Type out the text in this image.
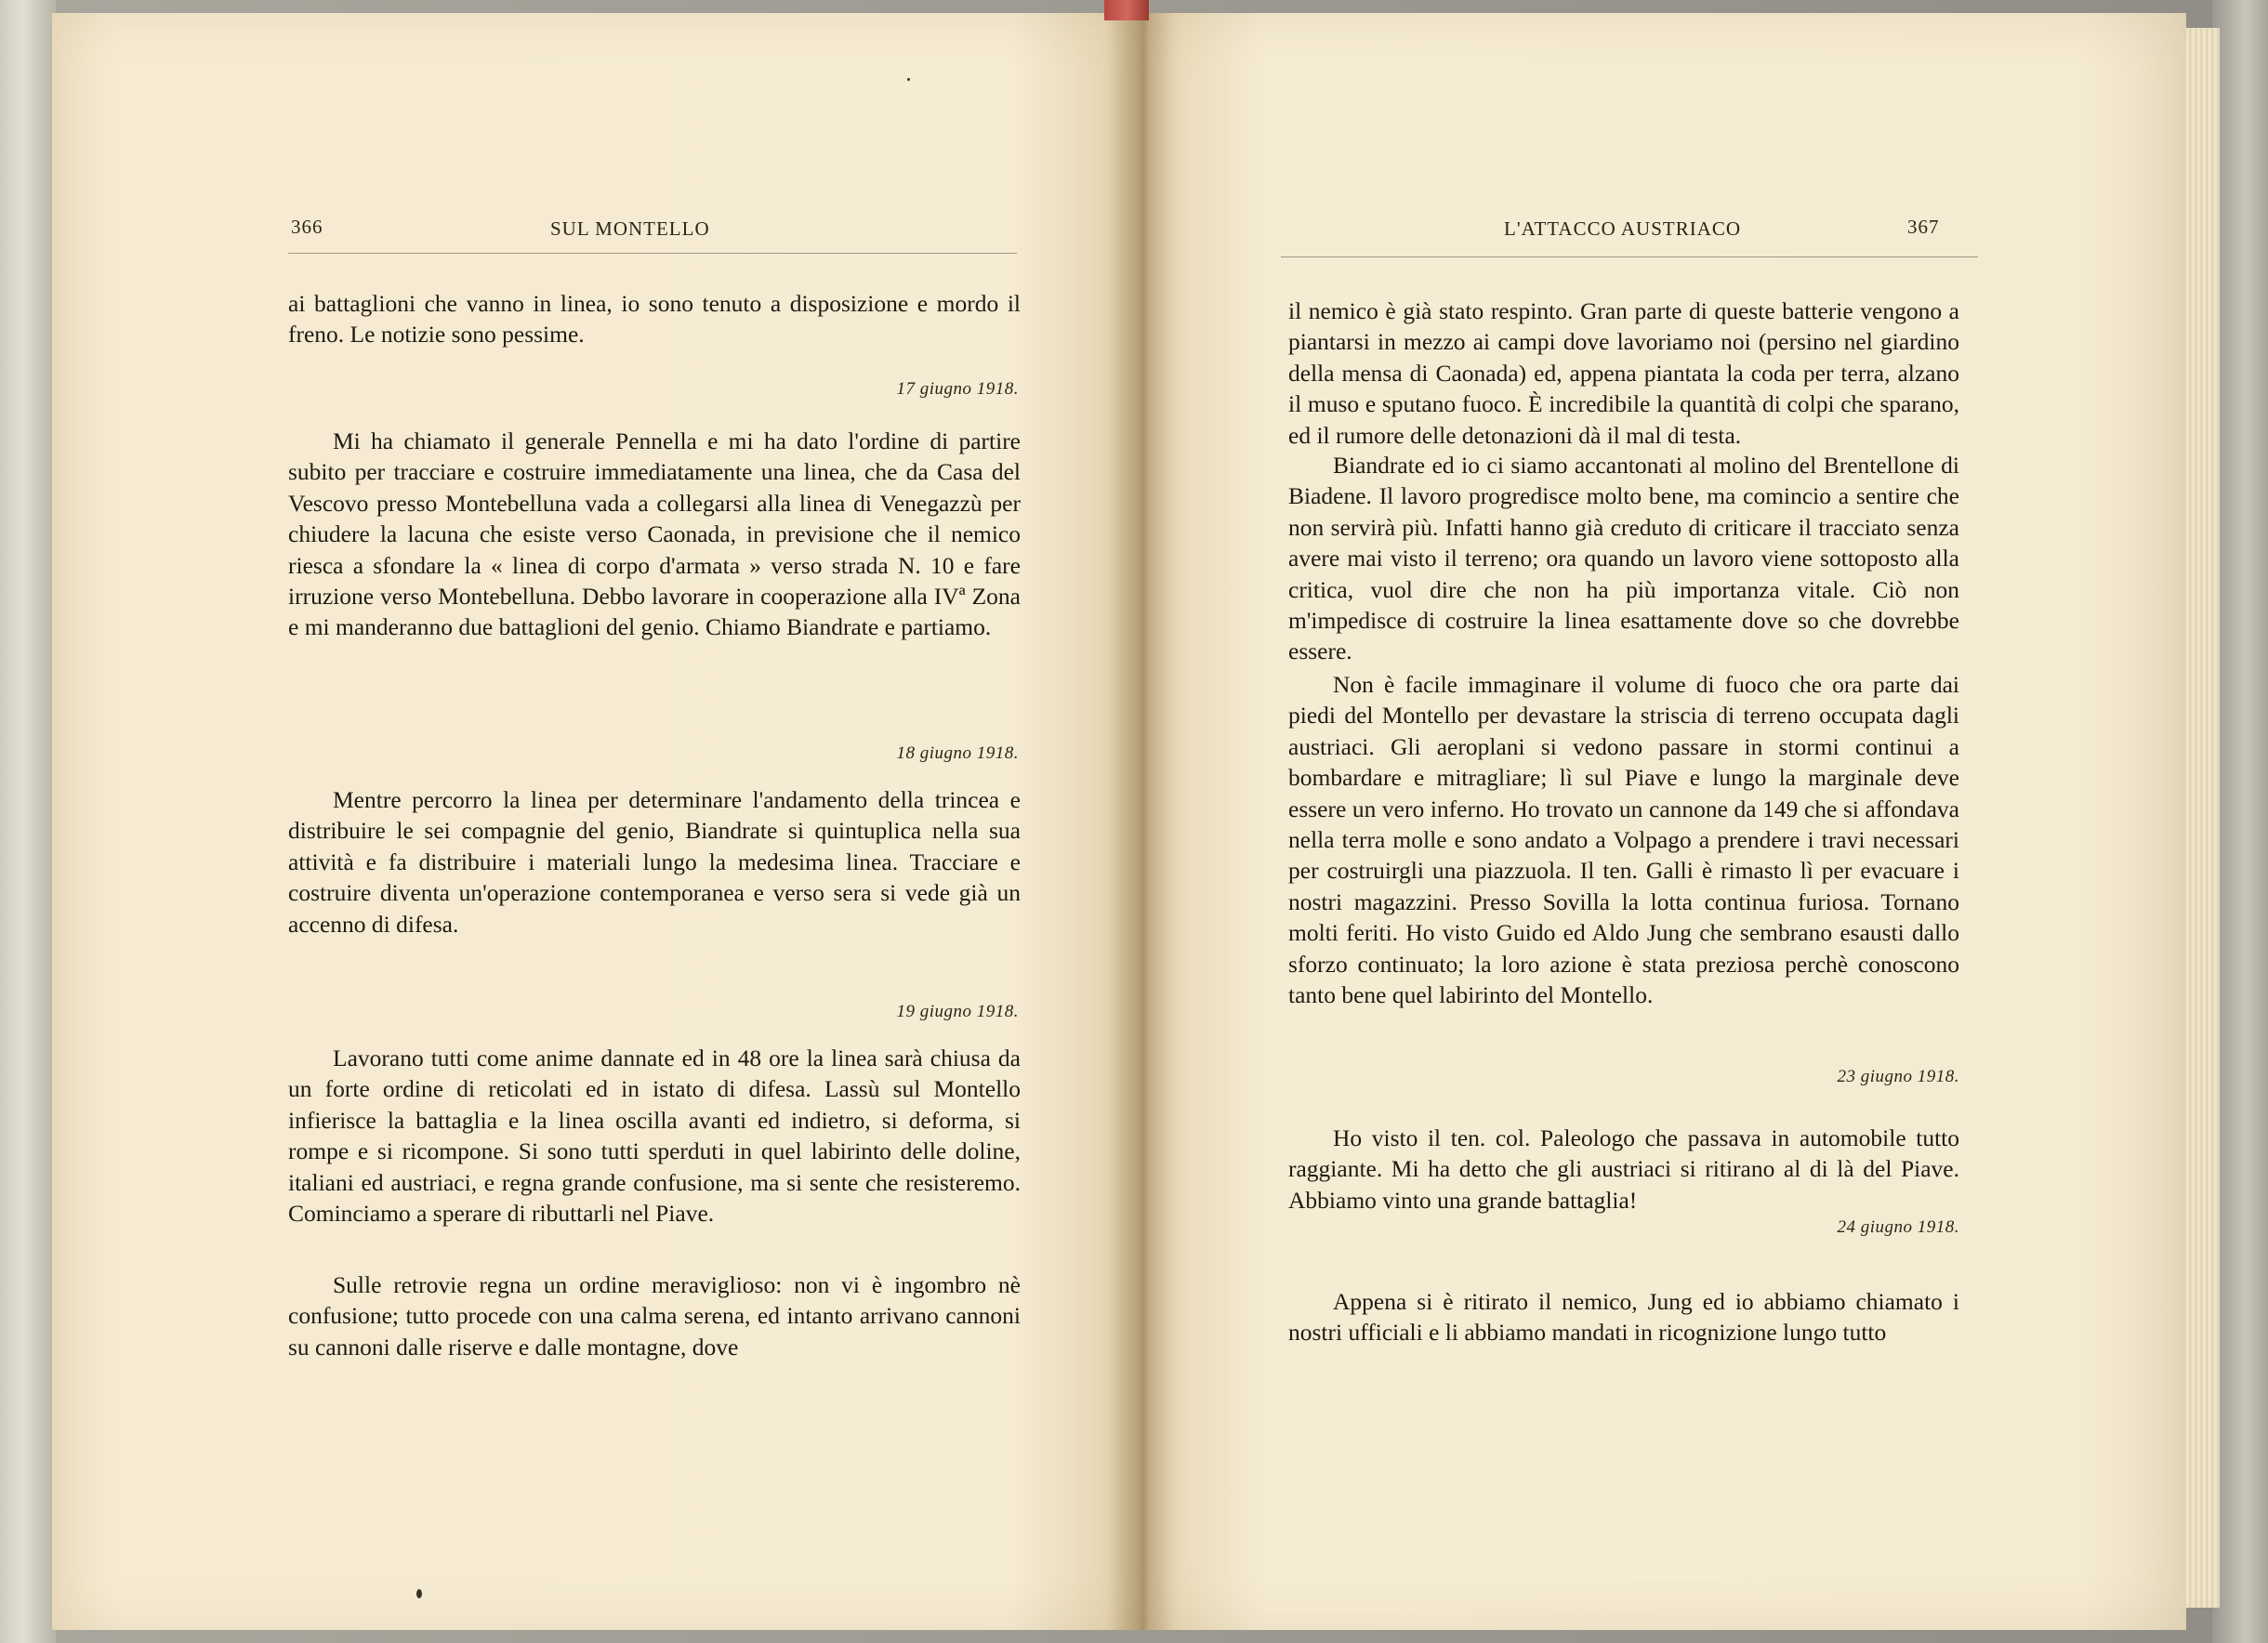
366	SUL MONTELLO

ai battaglioni che vanno in linea, io sono tenuto a disposizione e mordo il freno. Le notizie sono pessime.

17 giugno 1918.

Mi ha chiamato il generale Pennella e mi ha dato l'ordine di partire subito per tracciare e costruire immediatamente una linea, che da Casa del Vescovo presso Montebelluna vada a collegarsi alla linea di Venegazzù per chiudere la lacuna che esiste verso Caonada, in previsione che il nemico riesca a sfondare la « linea di corpo d'armata » verso strada N. 10 e fare irruzione verso Montebelluna. Debbo lavorare in cooperazione alla IVª Zona e mi manderanno due battaglioni del genio. Chiamo Biandrate e partiamo.

18 giugno 1918.

Mentre percorro la linea per determinare l'andamento della trincea e distribuire le sei compagnie del genio, Biandrate si quintuplica nella sua attività e fa distribuire i materiali lungo la medesima linea. Tracciare e costruire diventa un'operazione contemporanea e verso sera si vede già un accenno di difesa.

19 giugno 1918.

Lavorano tutti come anime dannate ed in 48 ore la linea sarà chiusa da un forte ordine di reticolati ed in istato di difesa. Lassù sul Montello infierisce la battaglia e la linea oscilla avanti ed indietro, si deforma, si rompe e si ricompone. Si sono tutti sperduti in quel labirinto delle doline, italiani ed austriaci, e regna grande confusione, ma si sente che resisteremo. Cominciamo a sperare di ributtarli nel Piave.

Sulle retrovie regna un ordine meraviglioso: non vi è ingombro nè confusione; tutto procede con una calma serena, ed intanto arrivano cannoni su cannoni dalle riserve e dalle montagne, dove

L'ATTACCO AUSTRIACO	367

il nemico è già stato respinto. Gran parte di queste batterie vengono a piantarsi in mezzo ai campi dove lavoriamo noi (persino nel giardino della mensa di Caonada) ed, appena piantata la coda per terra, alzano il muso e sputano fuoco. È incredibile la quantità di colpi che sparano, ed il rumore delle detonazioni dà il mal di testa.

Biandrate ed io ci siamo accantonati al molino del Brentellone di Biadene. Il lavoro progredisce molto bene, ma comincio a sentire che non servirà più. Infatti hanno già creduto di criticare il tracciato senza avere mai visto il terreno; ora quando un lavoro viene sottoposto alla critica, vuol dire che non ha più importanza vitale. Ciò non m'impedisce di costruire la linea esattamente dove so che dovrebbe essere.

Non è facile immaginare il volume di fuoco che ora parte dai piedi del Montello per devastare la striscia di terreno occupata dagli austriaci. Gli aeroplani si vedono passare in stormi continui a bombardare e mitragliare; lì sul Piave e lungo la marginale deve essere un vero inferno. Ho trovato un cannone da 149 che si affondava nella terra molle e sono andato a Volpago a prendere i travi necessari per costruirgli una piazzuola. Il ten. Galli è rimasto lì per evacuare i nostri magazzini. Presso Sovilla la lotta continua furiosa. Tornano molti feriti. Ho visto Guido ed Aldo Jung che sembrano esausti dallo sforzo continuato; la loro azione è stata preziosa perchè conoscono tanto bene quel labirinto del Montello.

23 giugno 1918.

Ho visto il ten. col. Paleologo che passava in automobile tutto raggiante. Mi ha detto che gli austriaci si ritirano al di là del Piave. Abbiamo vinto una grande battaglia!

24 giugno 1918.

Appena si è ritirato il nemico, Jung ed io abbiamo chiamato i nostri ufficiali e li abbiamo mandati in ricognizione lungo tutto
